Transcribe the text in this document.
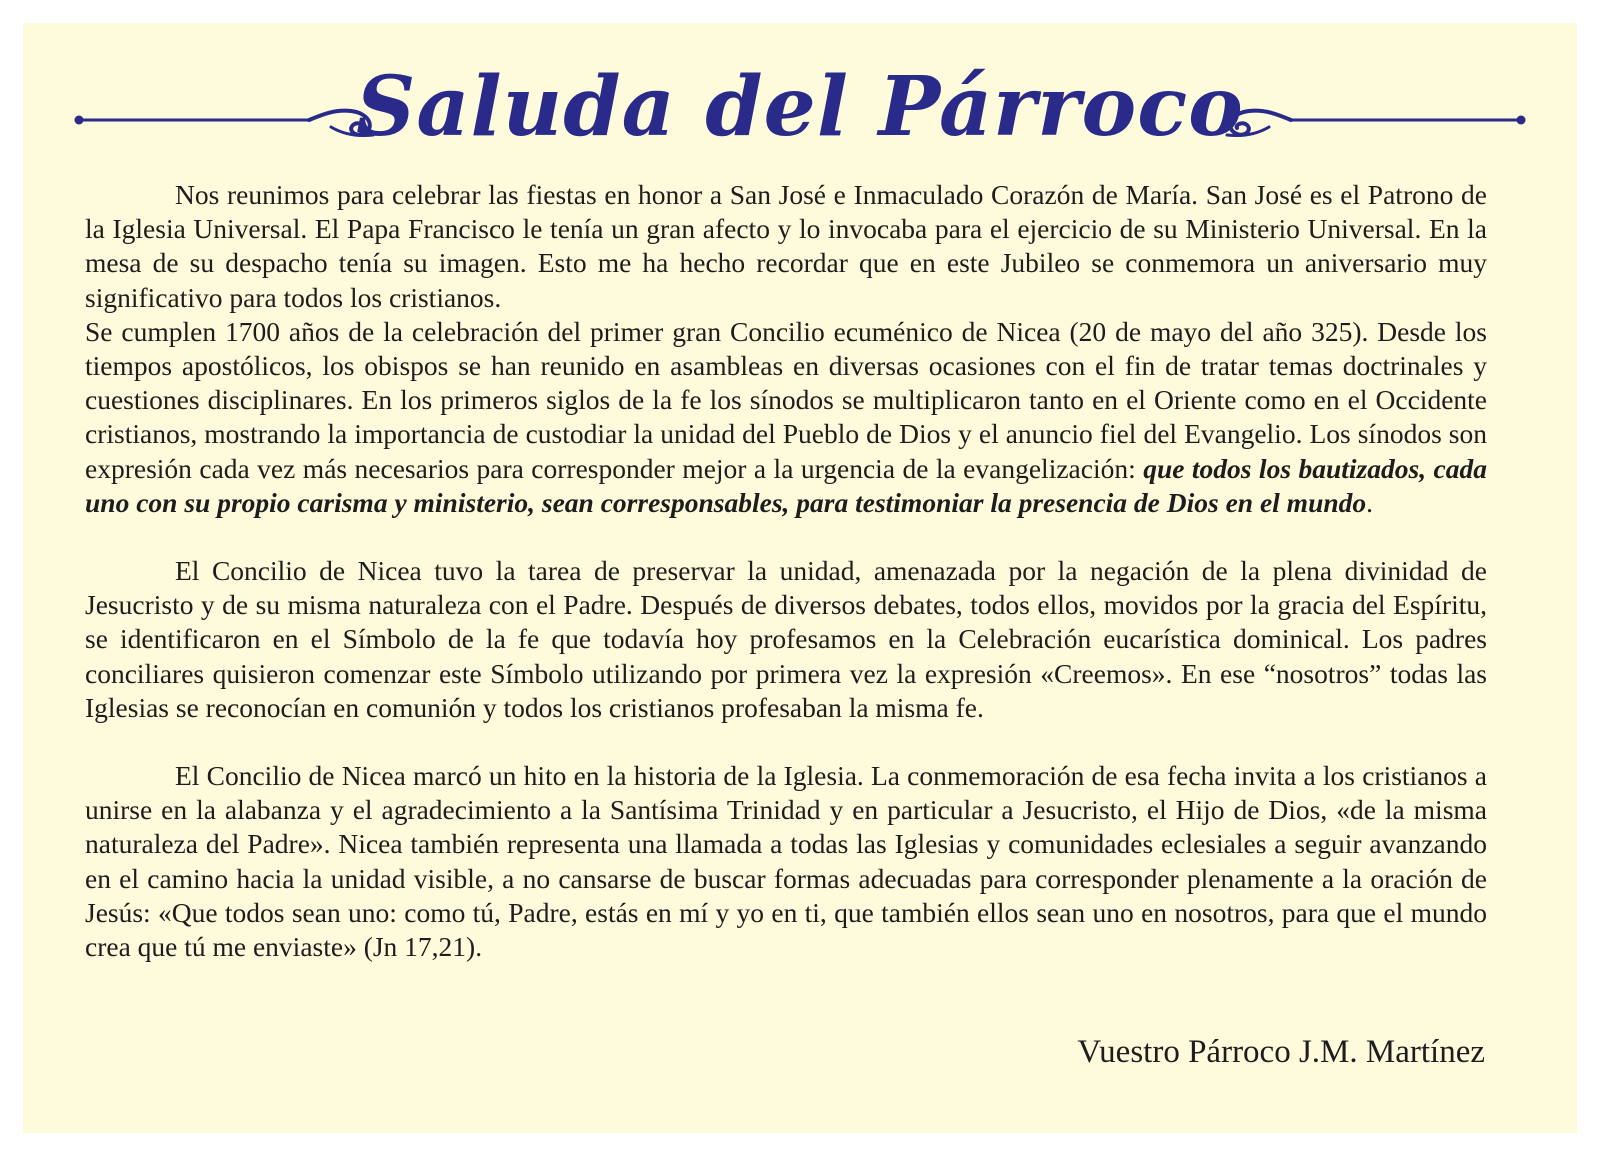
Saluda del Párroco

Nos reunimos para celebrar las fiestas en honor a San José e Inmaculado Corazón de María. San José es el Patrono de la Iglesia Universal. El Papa Francisco le tenía un gran afecto y lo invocaba para el ejercicio de su Ministerio Universal. En la mesa de su despacho tenía su imagen. Esto me ha hecho recordar que en este Jubileo se conmemora un aniversario muy significativo para todos los cristianos.

Se cumplen 1700 años de la celebración del primer gran Concilio ecuménico de Nicea (20 de mayo del año 325). Desde los tiempos apostólicos, los obispos se han reunido en asambleas en diversas ocasiones con el fin de tratar temas doctrinales y cuestiones disciplinares. En los primeros siglos de la fe los sínodos se multiplicaron tanto en el Oriente como en el Occidente cristianos, mostrando la importancia de custodiar la unidad del Pueblo de Dios y el anuncio fiel del Evangelio. Los sínodos son expresión cada vez más necesarios para corresponder mejor a la urgencia de la evangelización: que todos los bautizados, cada uno con su propio carisma y ministerio, sean corresponsables, para testimoniar la presencia de Dios en el mundo.

El Concilio de Nicea tuvo la tarea de preservar la unidad, amenazada por la negación de la plena divinidad de Jesucristo y de su misma naturaleza con el Padre. Después de diversos debates, todos ellos, movidos por la gracia del Espíritu, se identificaron en el Símbolo de la fe que todavía hoy profesamos en la Celebración eucarística dominical. Los padres conciliares quisieron comenzar este Símbolo utilizando por primera vez la expresión «Creemos». En ese “nosotros” todas las Iglesias se reconocían en comunión y todos los cristianos profesaban la misma fe.

El Concilio de Nicea marcó un hito en la historia de la Iglesia. La conmemoración de esa fecha invita a los cristianos a unirse en la alabanza y el agradecimiento a la Santísima Trinidad y en particular a Jesucristo, el Hijo de Dios, «de la misma naturaleza del Padre». Nicea también representa una llamada a todas las Iglesias y comunidades eclesiales a seguir avanzando en el camino hacia la unidad visible, a no cansarse de buscar formas adecuadas para corresponder plenamente a la oración de Jesús: «Que todos sean uno: como tú, Padre, estás en mí y yo en ti, que también ellos sean uno en nosotros, para que el mundo crea que tú me enviaste» (Jn 17,21).

Vuestro Párroco J.M. Martínez
